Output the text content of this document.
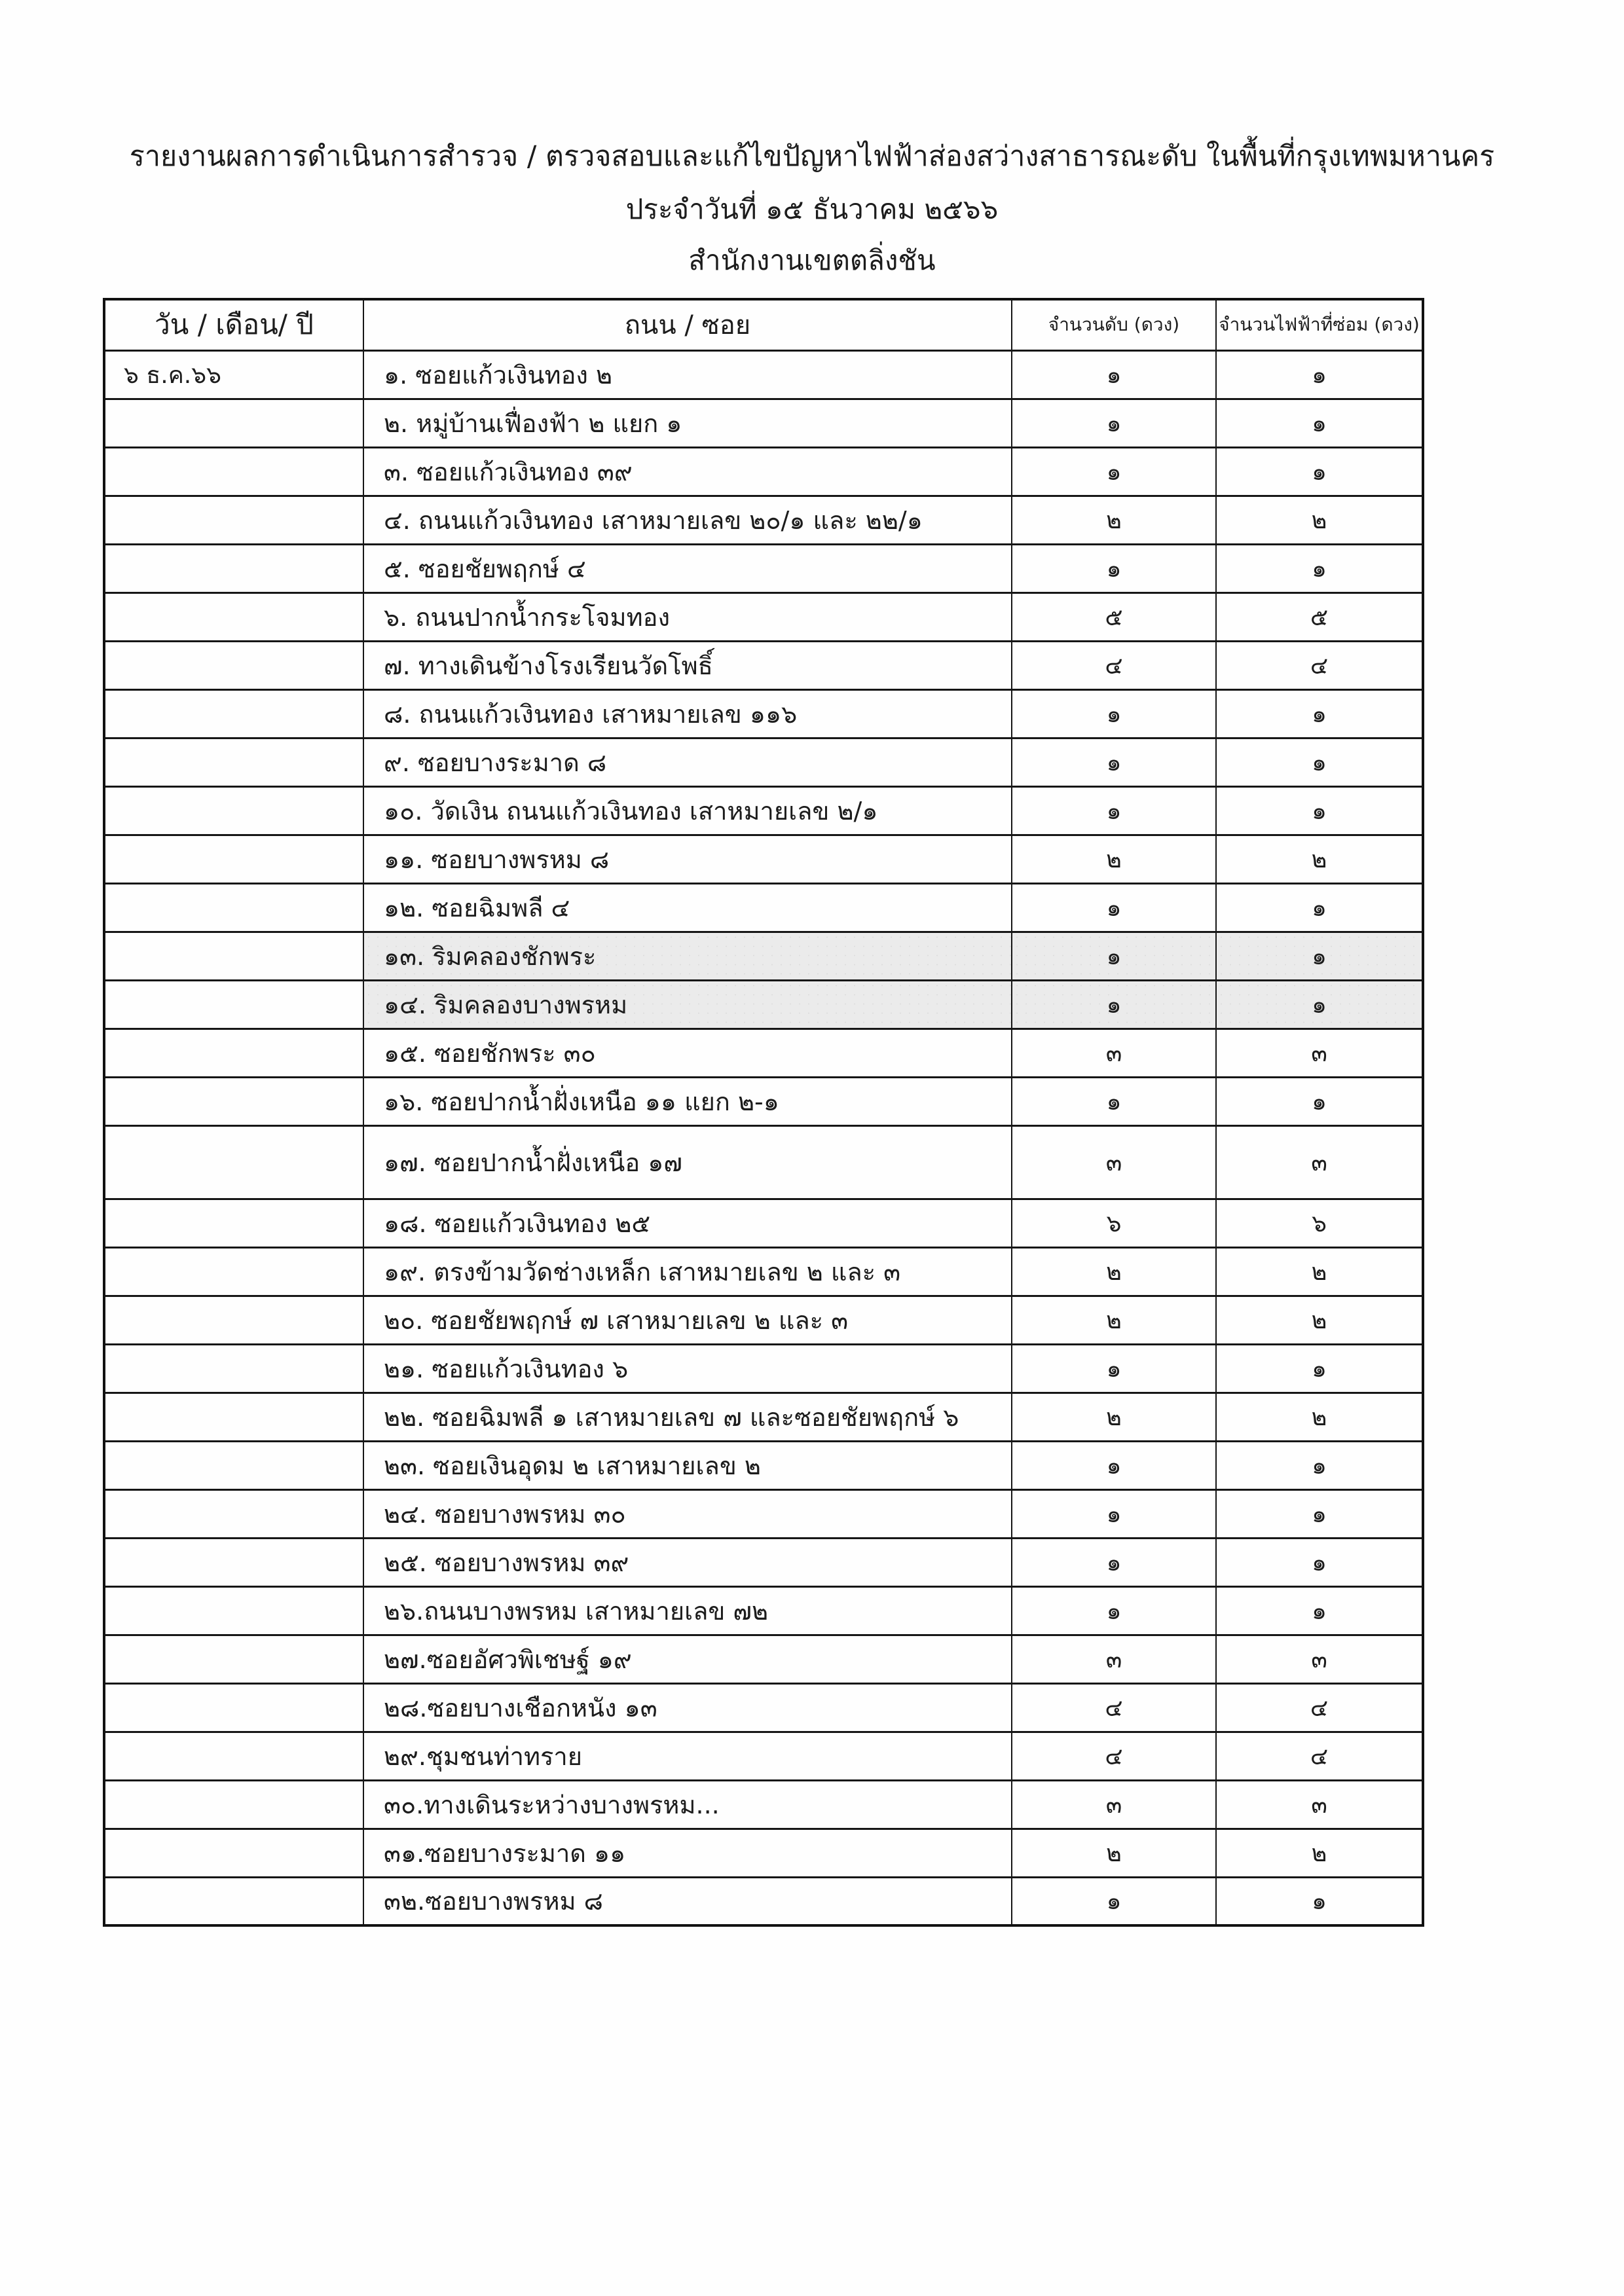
รายงานผลการดำเนินการสำรวจ / ตรวจสอบและแก้ไขปัญหาไฟฟ้าส่องสว่างสาธารณะดับ ในพื้นที่กรุงเทพมหานคร

ประจำวันที่ ๑๕ ธันวาคม ๒๕๖๖

สำนักงานเขตตลิ่งชัน

วัน / เดือน/ ปี	ถนน / ซอย	จำนวนดับ (ดวง)	จำนวนไฟฟ้าที่ซ่อม (ดวง)
๖ ธ.ค.๖๖	๑. ซอยแก้วเงินทอง ๒	๑	๑
	๒. หมู่บ้านเฟื่องฟ้า ๒ แยก ๑	๑	๑
	๓. ซอยแก้วเงินทอง ๓๙	๑	๑
	๔. ถนนแก้วเงินทอง เสาหมายเลข ๒๐/๑ และ ๒๒/๑	๒	๒
	๕. ซอยชัยพฤกษ์ ๔	๑	๑
	๖. ถนนปากน้ำกระโจมทอง	๕	๕
	๗. ทางเดินข้างโรงเรียนวัดโพธิ์	๔	๔
	๘. ถนนแก้วเงินทอง เสาหมายเลข ๑๑๖	๑	๑
	๙. ซอยบางระมาด ๘	๑	๑
	๑๐. วัดเงิน ถนนแก้วเงินทอง เสาหมายเลข ๒/๑	๑	๑
	๑๑. ซอยบางพรหม ๘	๒	๒
	๑๒. ซอยฉิมพลี ๔	๑	๑
	๑๓. ริมคลองชักพระ	๑	๑
	๑๔. ริมคลองบางพรหม	๑	๑
	๑๕. ซอยชักพระ ๓๐	๓	๓
	๑๖. ซอยปากน้ำฝั่งเหนือ ๑๑ แยก ๒-๑	๑	๑
	๑๗. ซอยปากน้ำฝั่งเหนือ ๑๗	๓	๓
	๑๘. ซอยแก้วเงินทอง ๒๕	๖	๖
	๑๙. ตรงข้ามวัดช่างเหล็ก เสาหมายเลข ๒ และ ๓	๒	๒
	๒๐. ซอยชัยพฤกษ์ ๗ เสาหมายเลข ๒ และ ๓	๒	๒
	๒๑. ซอยแก้วเงินทอง ๖	๑	๑
	๒๒. ซอยฉิมพลี ๑ เสาหมายเลข ๗ และซอยชัยพฤกษ์ ๖	๒	๒
	๒๓. ซอยเงินอุดม ๒ เสาหมายเลข ๒	๑	๑
	๒๔. ซอยบางพรหม ๓๐	๑	๑
	๒๕. ซอยบางพรหม ๓๙	๑	๑
	๒๖.ถนนบางพรหม เสาหมายเลข ๗๒	๑	๑
	๒๗.ซอยอัศวพิเชษฐ์ ๑๙	๓	๓
	๒๘.ซอยบางเชือกหนัง ๑๓	๔	๔
	๒๙.ชุมชนท่าทราย	๔	๔
	๓๐.ทางเดินระหว่างบางพรหม...	๓	๓
	๓๑.ซอยบางระมาด ๑๑	๒	๒
	๓๒.ซอยบางพรหม ๘	๑	๑
